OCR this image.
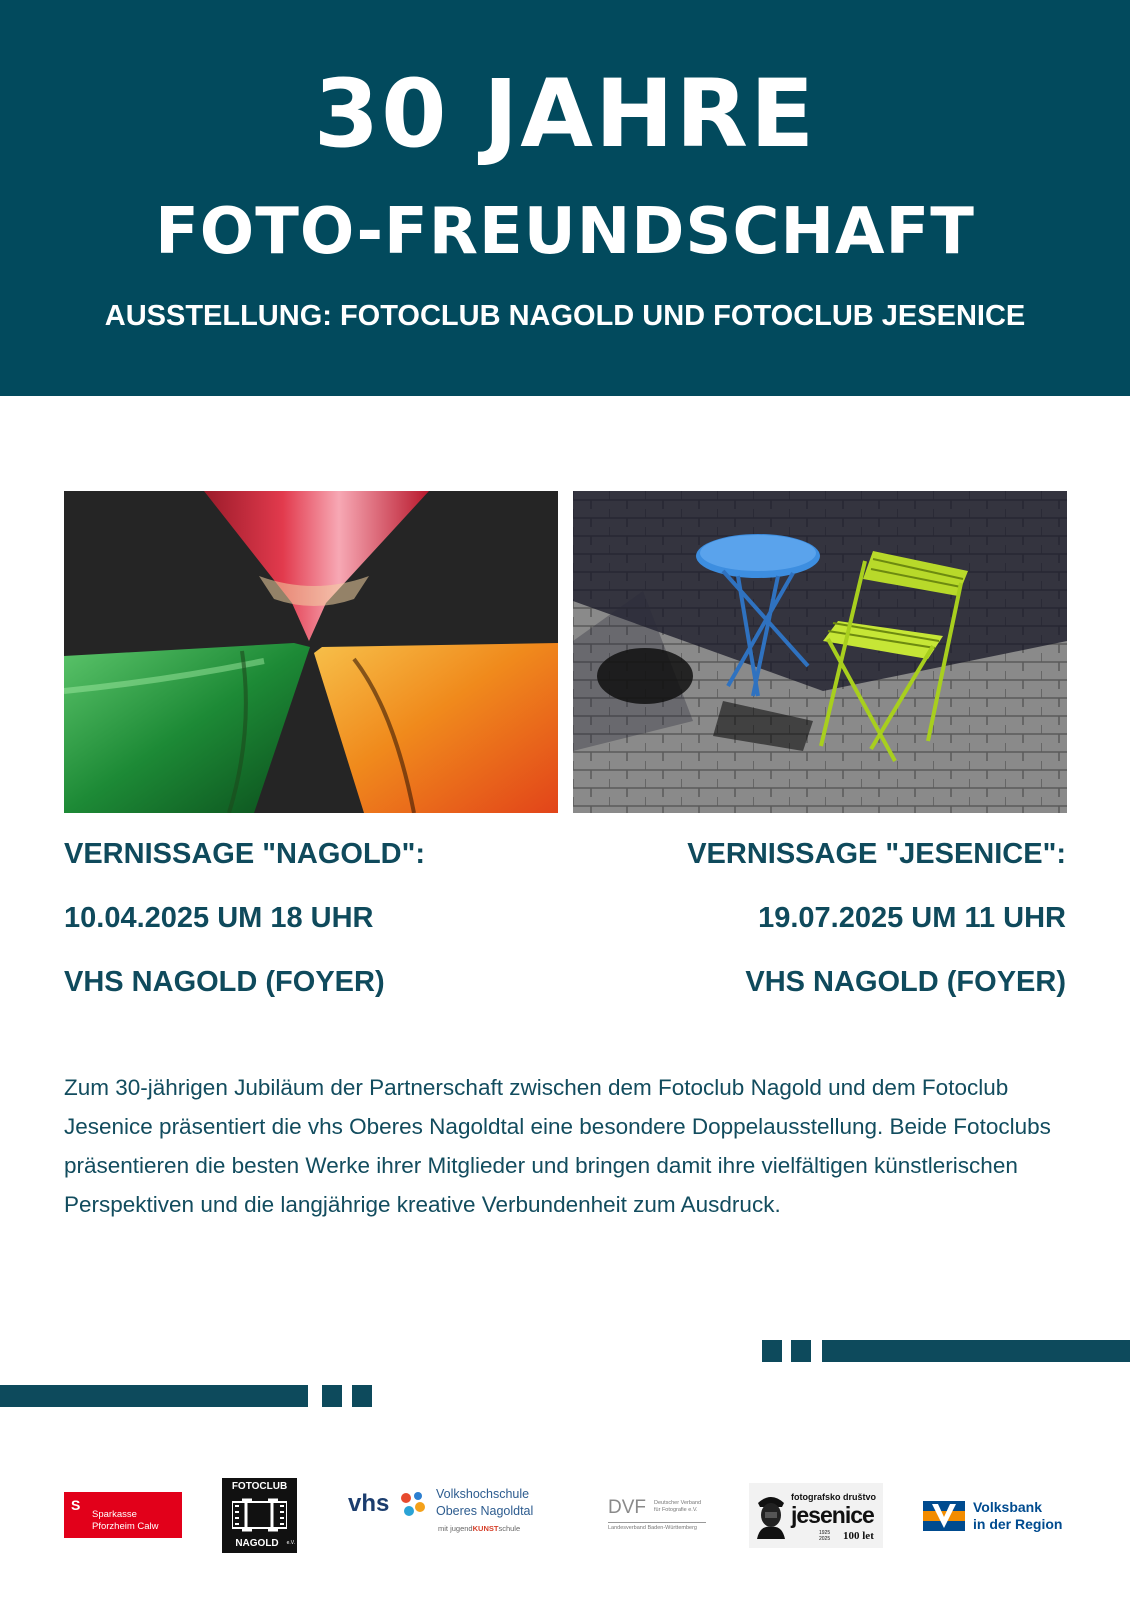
30 JAHRE
FOTO-FREUNDSCHAFT
AUSSTELLUNG: FOTOCLUB NAGOLD UND FOTOCLUB JESENICE
VERNISSAGE "NAGOLD":
10.04.2025 UM 18 UHR
VHS NAGOLD (FOYER)
VERNISSAGE "JESENICE":
19.07.2025 UM 11 UHR
VHS NAGOLD (FOYER)

Zum 30-jährigen Jubiläum der Partnerschaft zwischen dem Fotoclub Nagold und dem Fotoclub Jesenice präsentiert die vhs Oberes Nagoldtal eine besondere Doppelausstellung. Beide Fotoclubs präsentieren die besten Werke ihrer Mitglieder und bringen damit ihre vielfältigen künstlerischen Perspektiven und die langjährige kreative Verbundenheit zum Ausdruck.

S
Sparkasse
Pforzheim Calw
FOTOCLUB
NAGOLD	e.V.
vhs	Volkshochschule
Oberes Nagoldtal
mit jugendKUNSTschule
DVF Deutscher Verband
für Fotografie e.V.
Landesverband Baden-Württemberg
fotografsko društvo
jesenice
1925 2025	100 let
Volksbank
in der Region
